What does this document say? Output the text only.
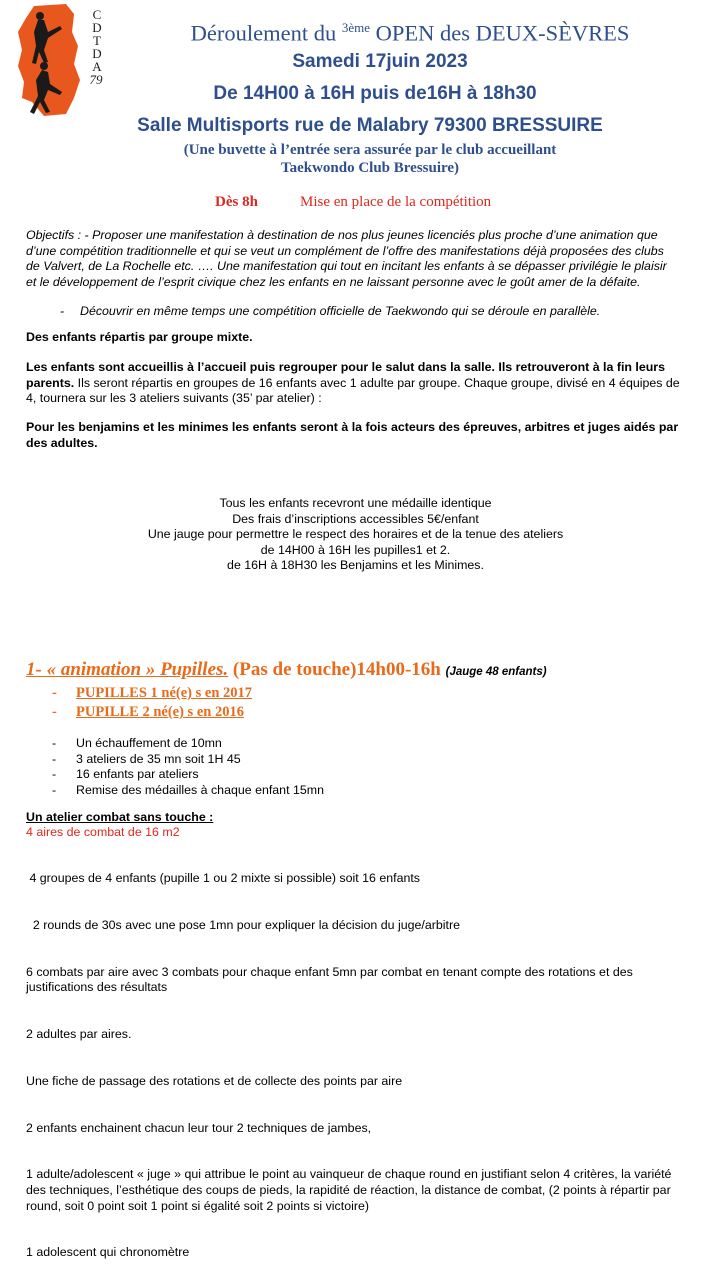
C
D
T
D
A
79
Déroulement du $^{3ème}$ OPEN des DEUX-SÈVRES
Samedi 17juin 2023
De 14H00 à 16H puis de16H à 18h30
Salle Multisports rue de Malabry 79300 BRESSUIRE
(Une buvette à l’entrée sera assurée par le club accueillant
Taekwondo Club Bressuire)
Dès 8h	Mise en place de la compétition
Objectifs : - Proposer une manifestation à destination de nos plus jeunes licenciés plus proche d’une animation que d’une compétition traditionnelle et qui se veut un complément de l’offre des manifestations déjà proposées des clubs de Valvert, de La Rochelle etc. …. Une manifestation qui tout en incitant les enfants à se dépasser privilégie le plaisir et le développement de l’esprit civique chez les enfants en ne laissant personne avec le goût amer de la défaite.
- Découvrir en même temps une compétition officielle de Taekwondo qui se déroule en parallèle.
Des enfants répartis par groupe mixte.
Les enfants sont accueillis à l’accueil puis regrouper pour le salut dans la salle. Ils retrouveront à la fin leurs parents. Ils seront répartis en groupes de 16 enfants avec 1 adulte par groupe. Chaque groupe, divisé en 4 équipes de 4, tournera sur les 3 ateliers suivants (35’ par atelier) :
Pour les benjamins et les minimes les enfants seront à la fois acteurs des épreuves, arbitres et juges aidés par des adultes.
Tous les enfants recevront une médaille identique
Des frais d’inscriptions accessibles 5€/enfant
Une jauge pour permettre le respect des horaires et de la tenue des ateliers
de 14H00 à 16H les pupilles1 et 2.
de 16H à 18H30 les Benjamins et les Minimes.
1- « animation » Pupilles. (Pas de touche)14h00-16h (Jauge 48 enfants)
- PUPILLES 1 né(e) s en 2017
- PUPILLE 2 né(e) s en 2016
- Un échauffement de 10mn
- 3 ateliers de 35 mn soit 1H 45
- 16 enfants par ateliers
- Remise des médailles à chaque enfant 15mn
Un atelier combat sans touche :
4 aires de combat de 16 m2

4 groupes de 4 enfants (pupille 1 ou 2 mixte si possible) soit 16 enfants

2 rounds de 30s avec une pose 1mn pour expliquer la décision du juge/arbitre

6 combats par aire avec 3 combats pour chaque enfant 5mn par combat en tenant compte des rotations et des justifications des résultats

2 adultes par aires.

Une fiche de passage des rotations et de collecte des points par aire

2 enfants enchainent chacun leur tour 2 techniques de jambes,

1 adulte/adolescent « juge » qui attribue le point au vainqueur de chaque round en justifiant selon 4 critères, la variété des techniques, l’esthétique des coups de pieds, la rapidité de réaction, la distance de combat, (2 points à répartir par round, soit 0 point soit 1 point si égalité soit 2 points si victoire)

1 adolescent qui chronomètre
